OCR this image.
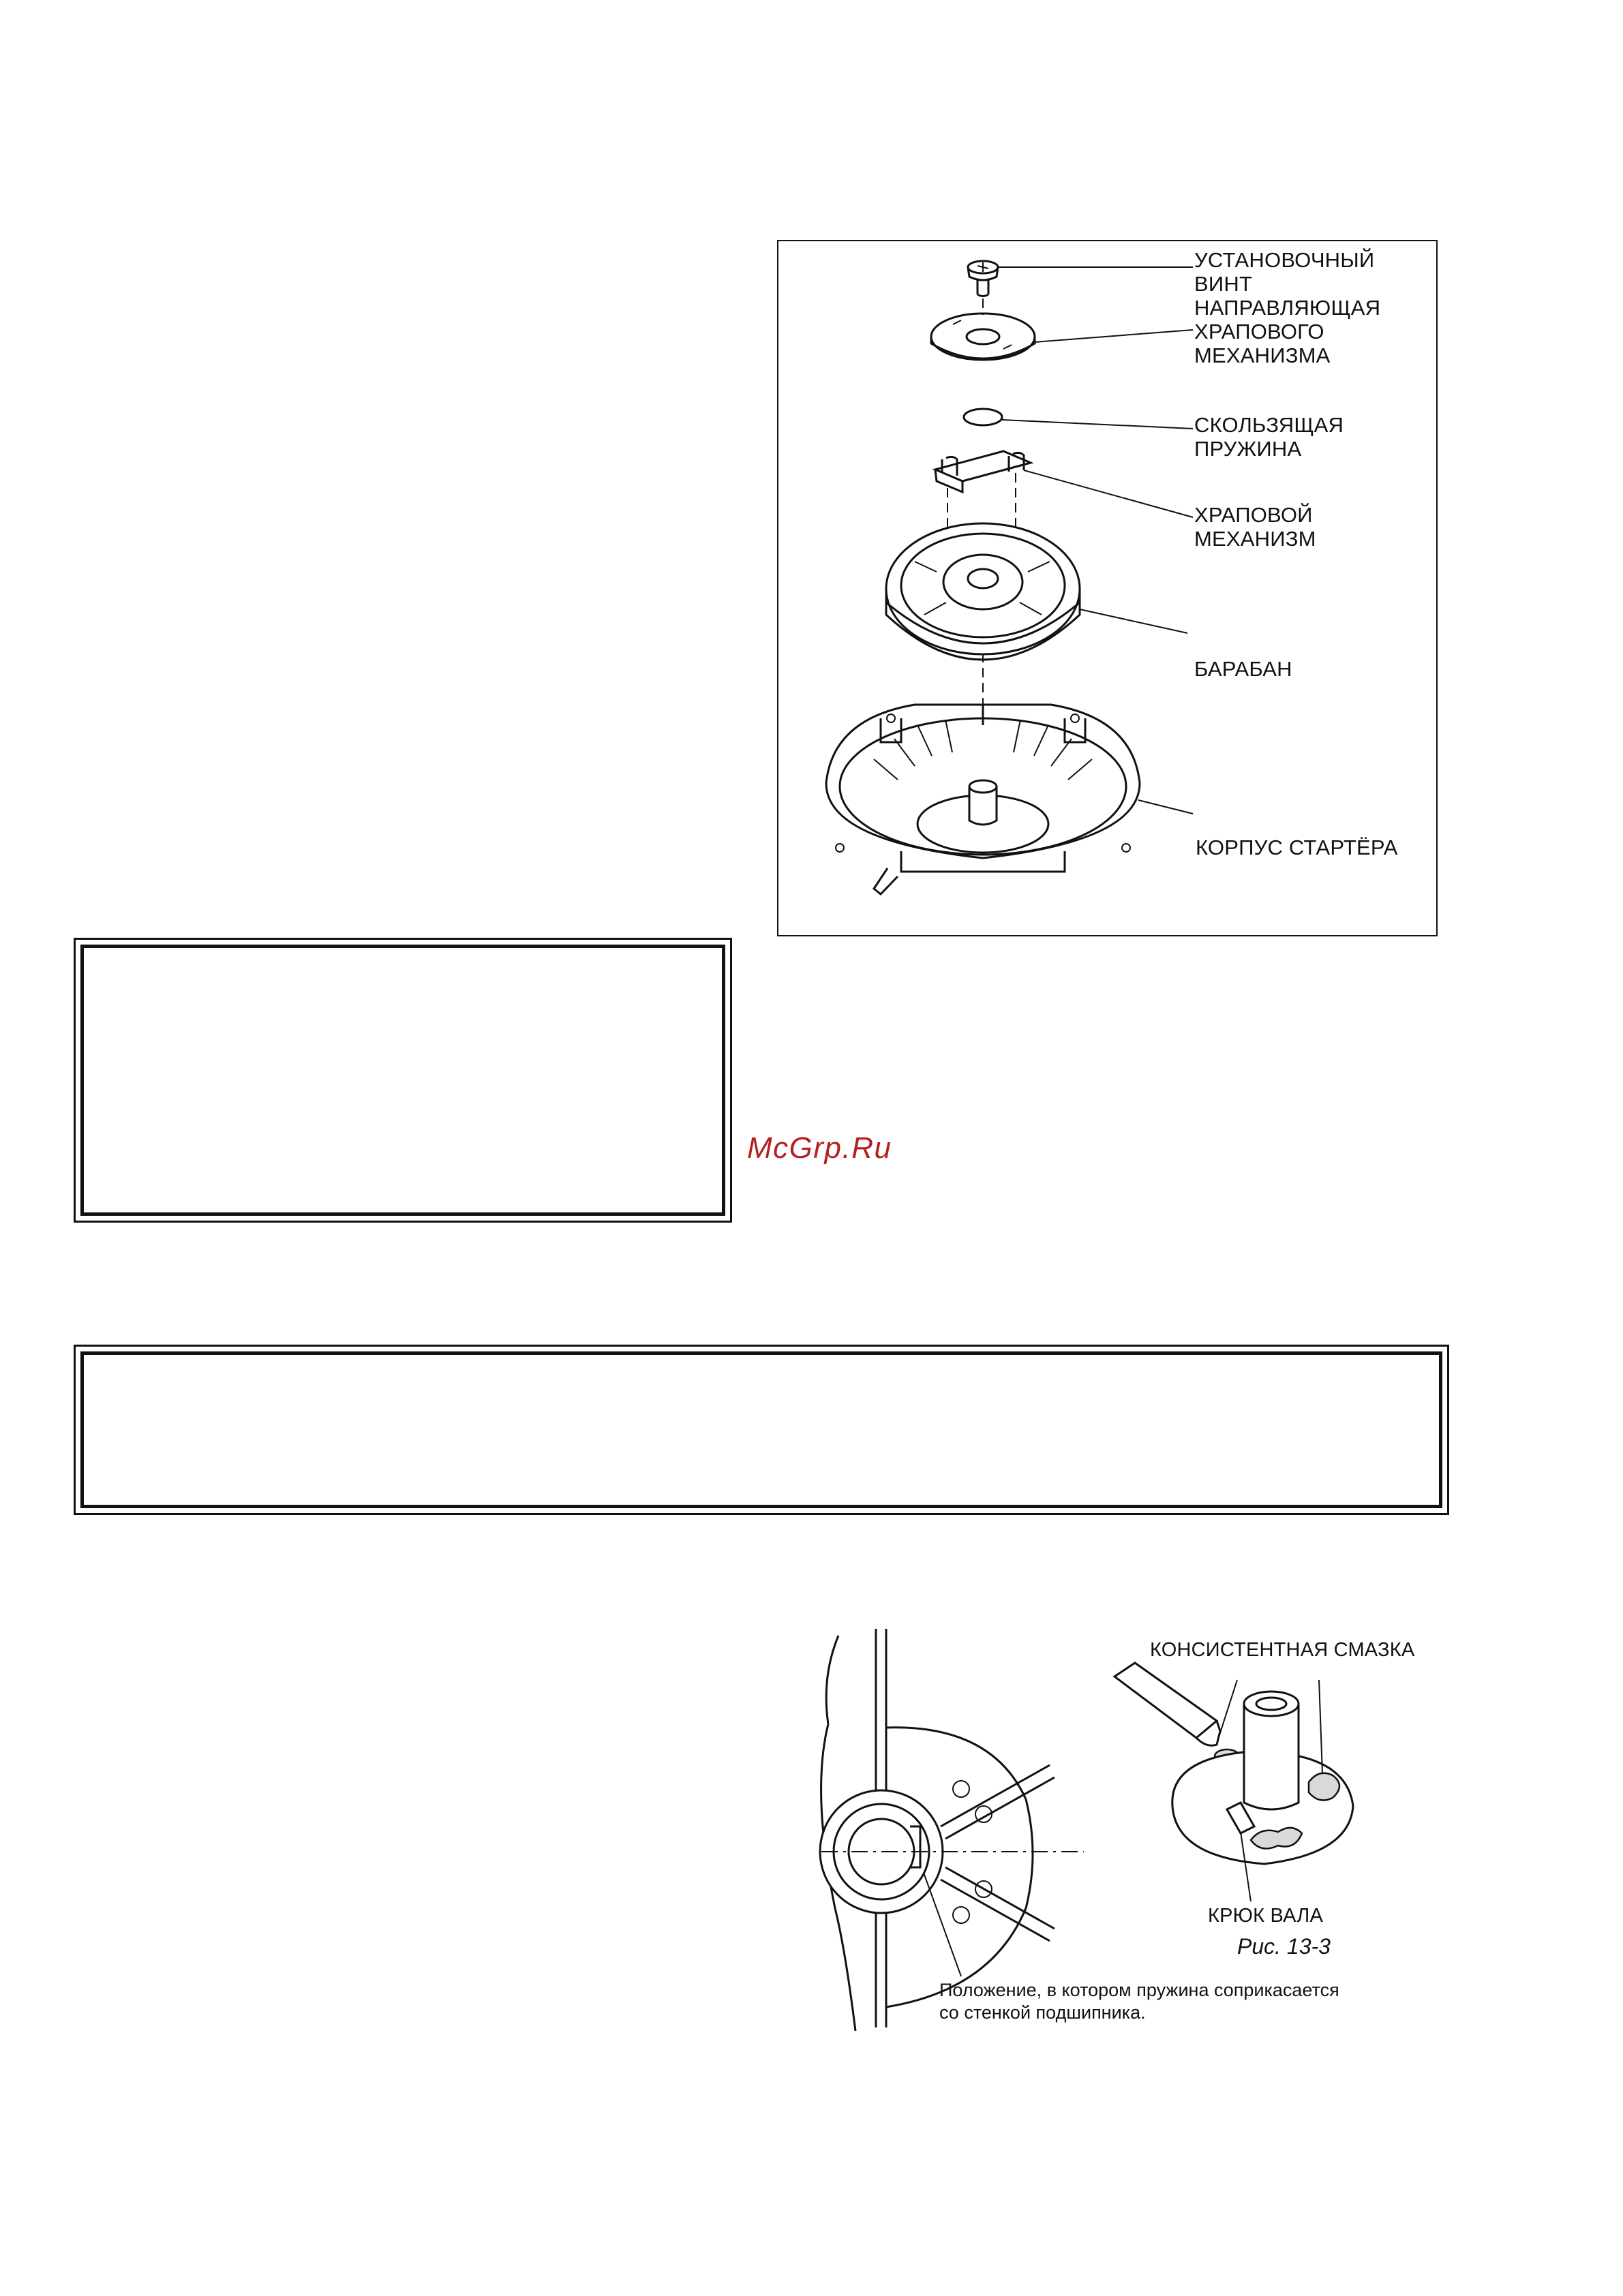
УСТАНОВОЧНЫЙ
ВИНТ
НАПРАВЛЯЮЩАЯ
ХРАПОВОГО
МЕХАНИЗМА
СКОЛЬЗЯЩАЯ
ПРУЖИНА
ХРАПОВОЙ
МЕХАНИЗМ
БАРАБАН
КОРПУС СТАРТЁРА
McGrp.Ru
КОНСИСТЕНТНАЯ СМАЗКА
КРЮК ВАЛА
Рис. 13-3
Положение, в котором пружина соприкасается
со стенкой подшипника.
